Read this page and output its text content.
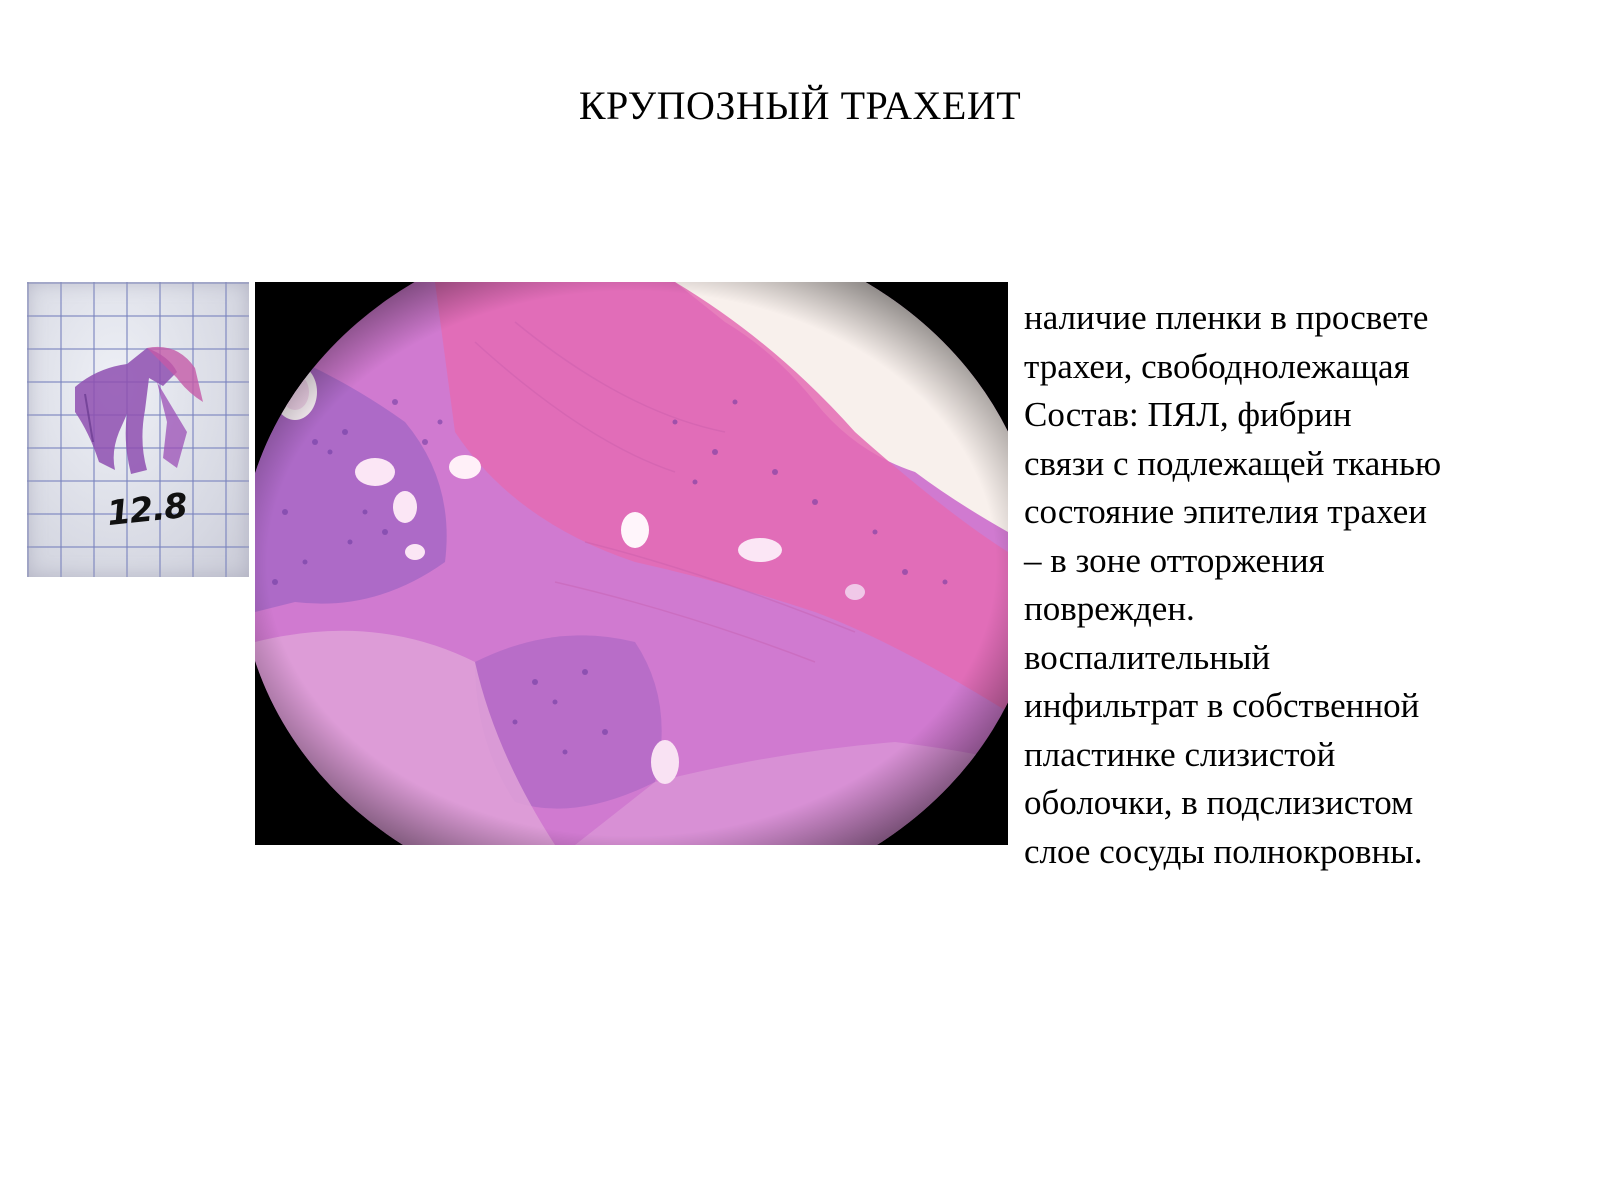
КРУПОЗНЫЙ ТРАХЕИТ
12.8
наличие пленки в просвете
трахеи, свободнолежащая
Состав: ПЯЛ, фибрин
связи с подлежащей тканью
состояние эпителия трахеи
– в зоне отторжения
поврежден.
воспалительный
инфильтрат в собственной
пластинке слизистой
оболочки, в подслизистом
слое сосуды полнокровны.
